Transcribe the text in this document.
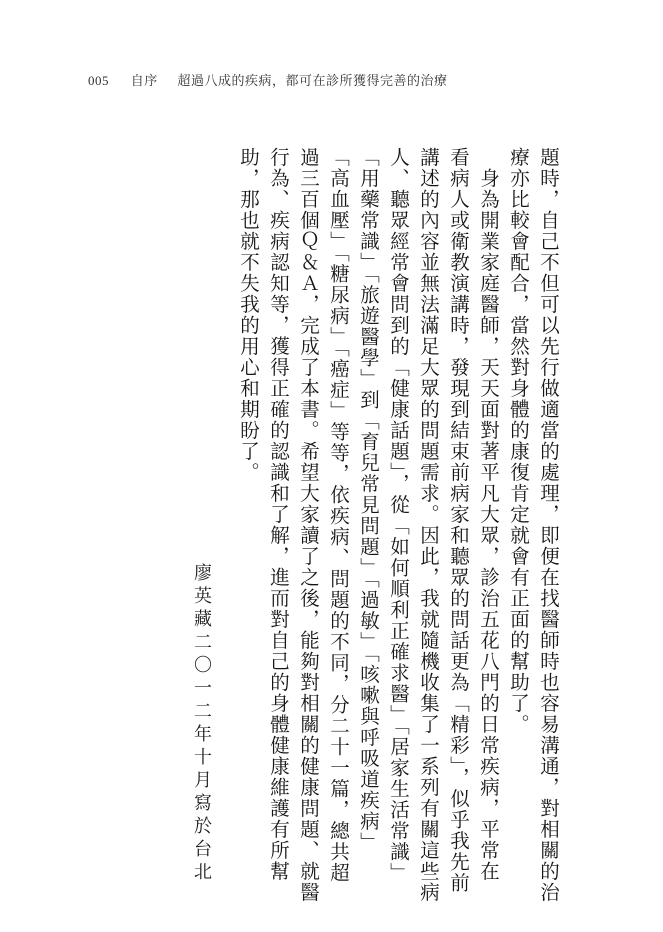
005 自序 超過八成的疾病，都可在診所獲得完善的治療

題時，自己不但可以先行做適當的處理，即便在找醫師時也容易溝通，對相關的治

療亦比較會配合，當然對身體的康復肯定就會有正面的幫助了。

　身為開業家庭醫師，天天面對著平凡大眾，診治五花八門的日常疾病，平常在

看病人或衛教演講時，發現到結束前病家和聽眾的問話更為「精彩」，似乎我先前

講述的內容並無法滿足大眾的問題需求。因此，我就隨機收集了一系列有關這些病

人、聽眾經常會問到的「健康話題」，從「如何順利正確求醫」「居家生活常識」

「用藥常識」「旅遊醫學」到「育兒常見問題」「過敏」「咳嗽與呼吸道疾病」

「高血壓」「糖尿病」「癌症」等等，依疾病、問題的不同，分二十一篇，總共超

過三百個Ｑ＆Ａ，完成了本書。希望大家讀了之後，能夠對相關的健康問題、就醫

行為、疾病認知等，獲得正確的認識和了解，進而對自己的身體健康維護有所幫

助，那也就不失我的用心和期盼了。

廖英藏二〇一二年十月寫於台北
